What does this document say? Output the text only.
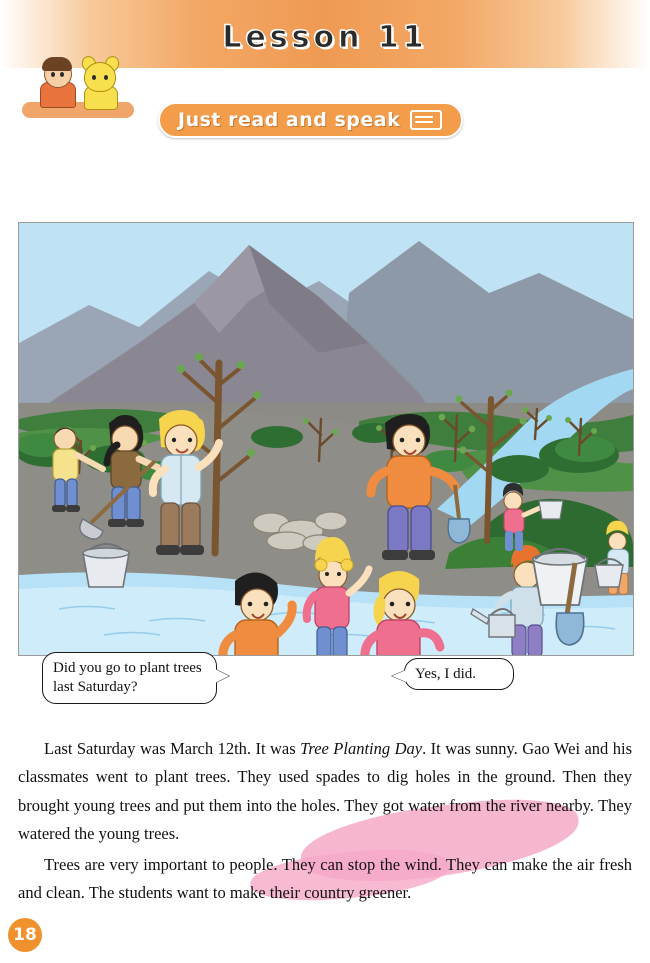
Lesson 11
Just read and speak
Did you go to plant trees last Saturday?
Yes, I did.

Last Saturday was March 12th. It was Tree Planting Day. It was sunny. Gao Wei and his classmates went to plant trees. They used spades to dig holes in the ground. Then they brought young trees and put them into the holes. They got water from the river nearby. They watered the young trees.

Trees are very important to people. They can stop the wind. They can make the air fresh and clean. The students want to make their country greener.

18
